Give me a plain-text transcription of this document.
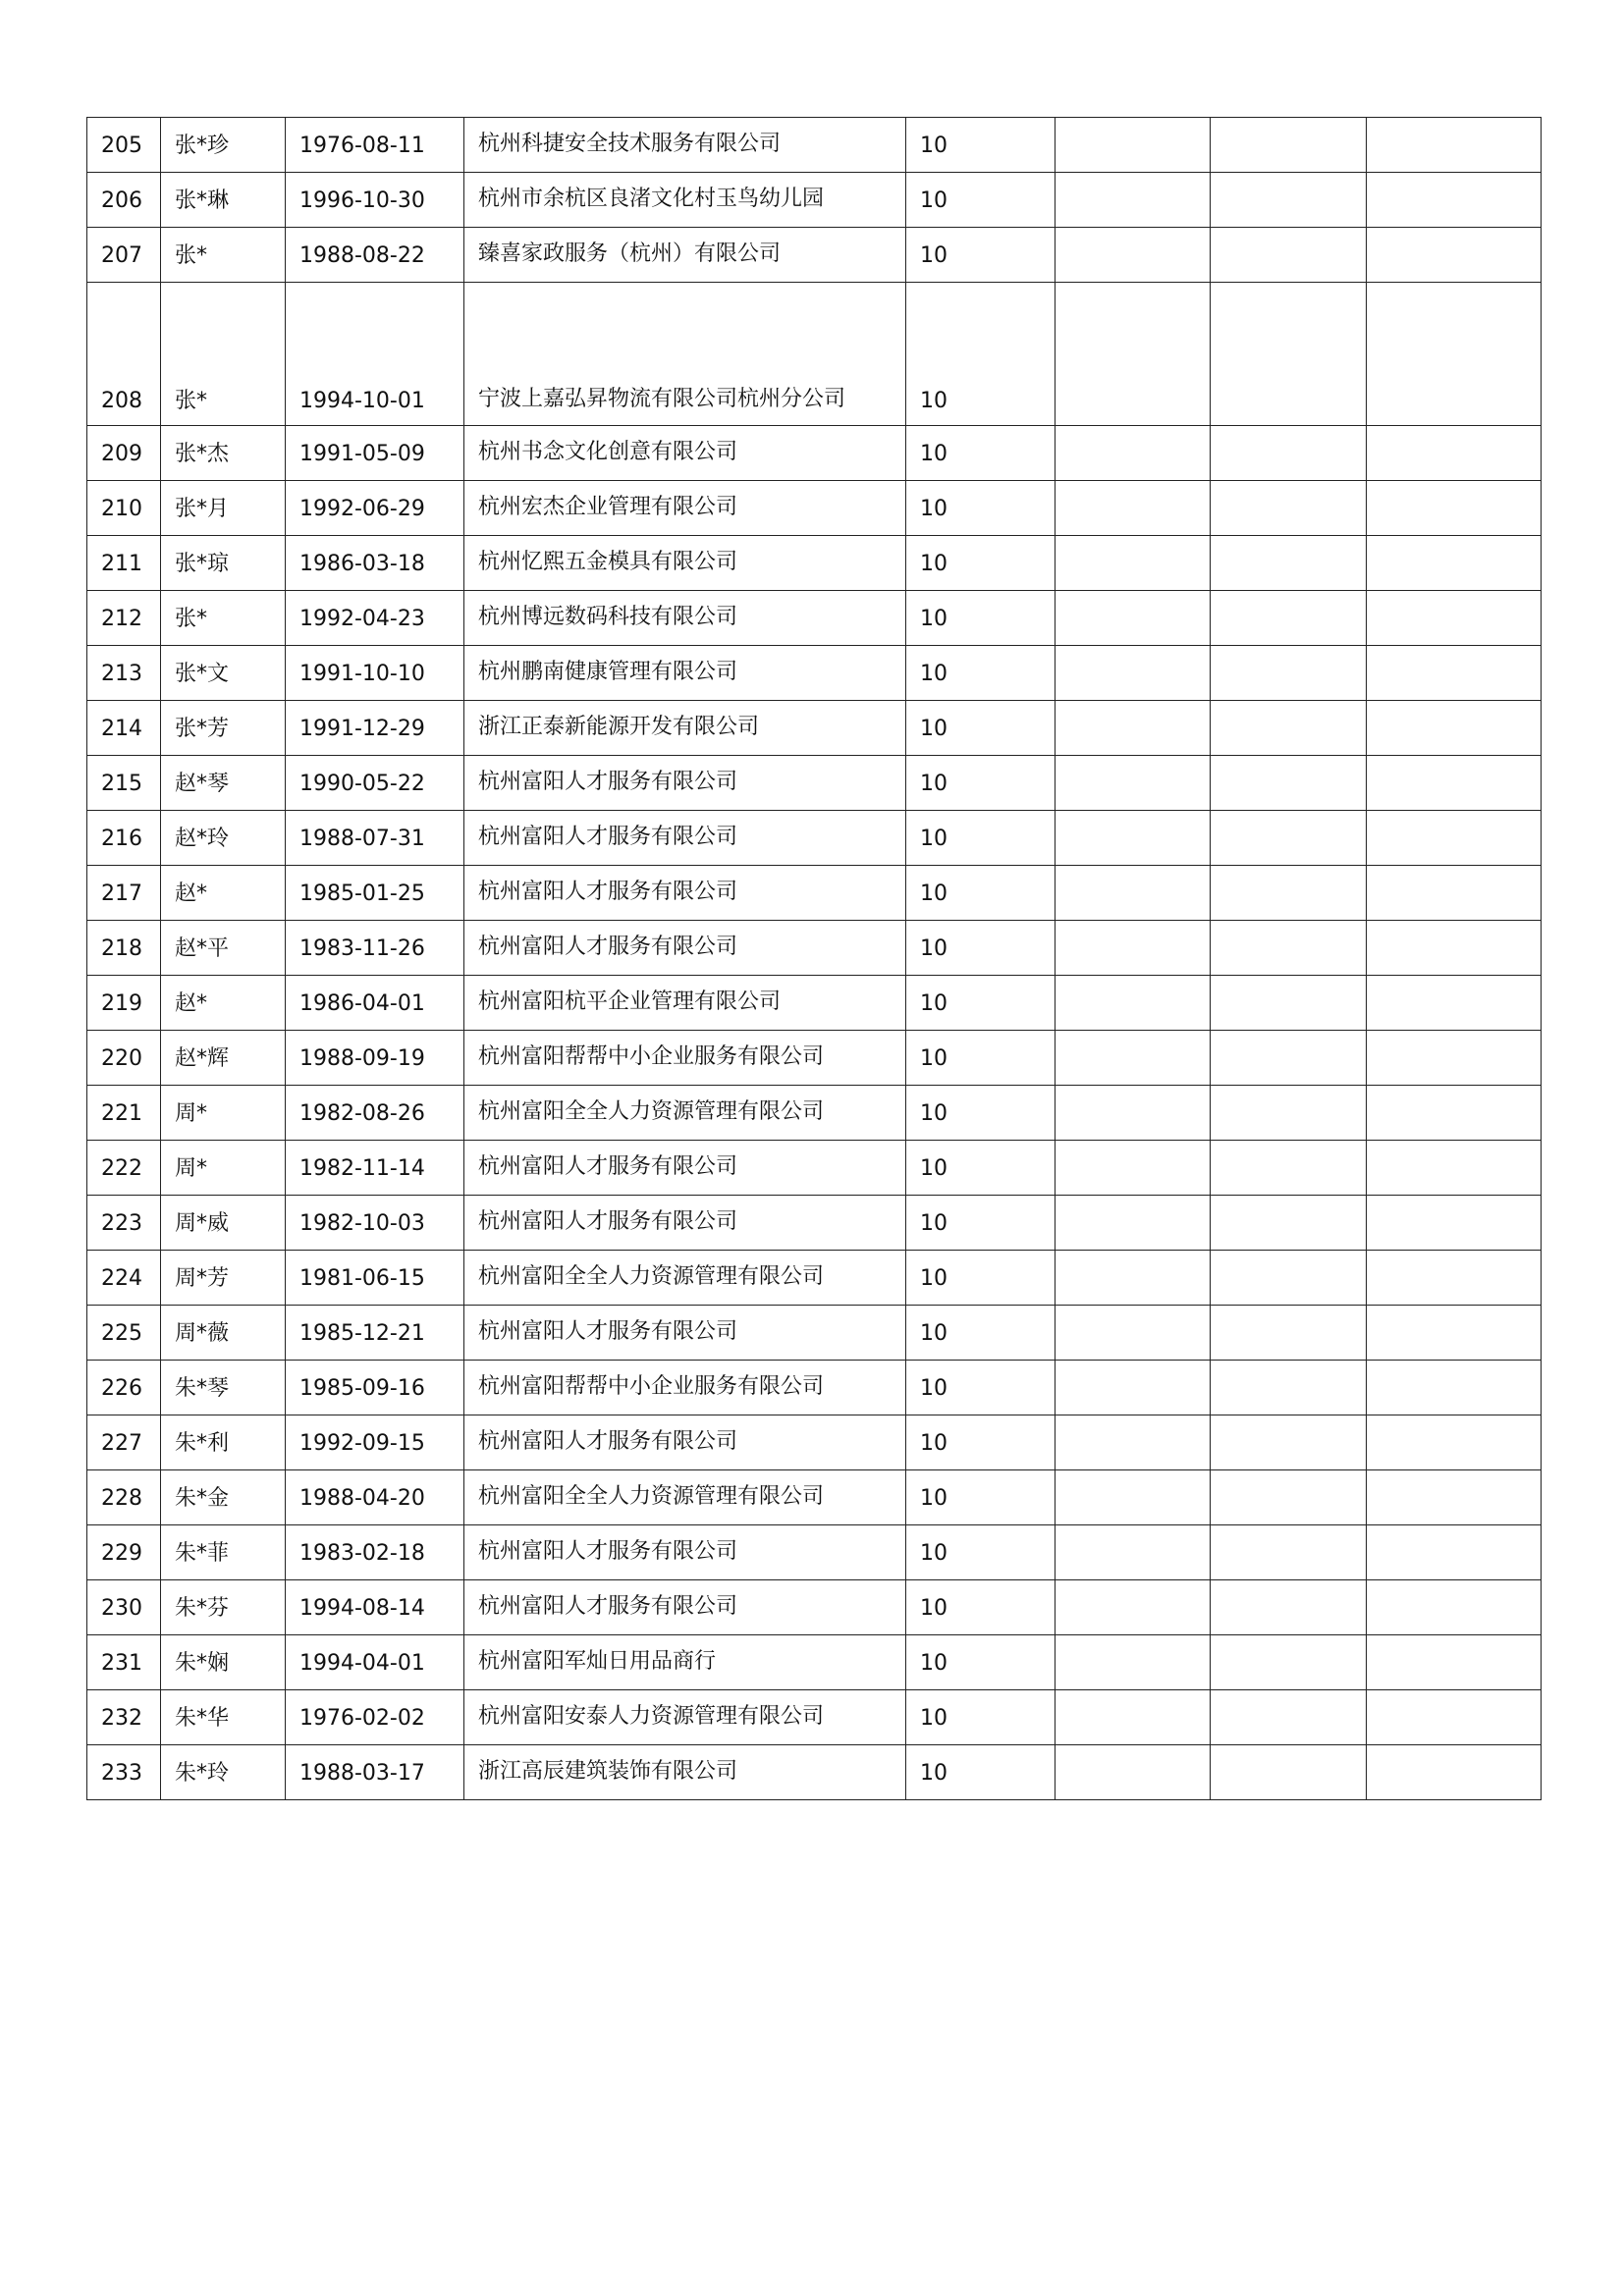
205	张*珍	1976-08-11	杭州科捷安全技术服务有限公司	10			
206	张*琳	1996-10-30	杭州市余杭区良渚文化村玉鸟幼儿园	10			
207	张*	1988-08-22	臻喜家政服务（杭州）有限公司	10			
208	张*	1994-10-01	宁波上嘉弘昇物流有限公司杭州分公司	10			
209	张*杰	1991-05-09	杭州书念文化创意有限公司	10			
210	张*月	1992-06-29	杭州宏杰企业管理有限公司	10			
211	张*琼	1986-03-18	杭州忆熙五金模具有限公司	10			
212	张*	1992-04-23	杭州博远数码科技有限公司	10			
213	张*文	1991-10-10	杭州鹏南健康管理有限公司	10			
214	张*芳	1991-12-29	浙江正泰新能源开发有限公司	10			
215	赵*琴	1990-05-22	杭州富阳人才服务有限公司	10			
216	赵*玲	1988-07-31	杭州富阳人才服务有限公司	10			
217	赵*	1985-01-25	杭州富阳人才服务有限公司	10			
218	赵*平	1983-11-26	杭州富阳人才服务有限公司	10			
219	赵*	1986-04-01	杭州富阳杭平企业管理有限公司	10			
220	赵*辉	1988-09-19	杭州富阳帮帮中小企业服务有限公司	10			
221	周*	1982-08-26	杭州富阳全全人力资源管理有限公司	10			
222	周*	1982-11-14	杭州富阳人才服务有限公司	10			
223	周*威	1982-10-03	杭州富阳人才服务有限公司	10			
224	周*芳	1981-06-15	杭州富阳全全人力资源管理有限公司	10			
225	周*薇	1985-12-21	杭州富阳人才服务有限公司	10			
226	朱*琴	1985-09-16	杭州富阳帮帮中小企业服务有限公司	10			
227	朱*利	1992-09-15	杭州富阳人才服务有限公司	10			
228	朱*金	1988-04-20	杭州富阳全全人力资源管理有限公司	10			
229	朱*菲	1983-02-18	杭州富阳人才服务有限公司	10			
230	朱*芬	1994-08-14	杭州富阳人才服务有限公司	10			
231	朱*娴	1994-04-01	杭州富阳军灿日用品商行	10			
232	朱*华	1976-02-02	杭州富阳安泰人力资源管理有限公司	10			
233	朱*玲	1988-03-17	浙江高辰建筑装饰有限公司	10			
